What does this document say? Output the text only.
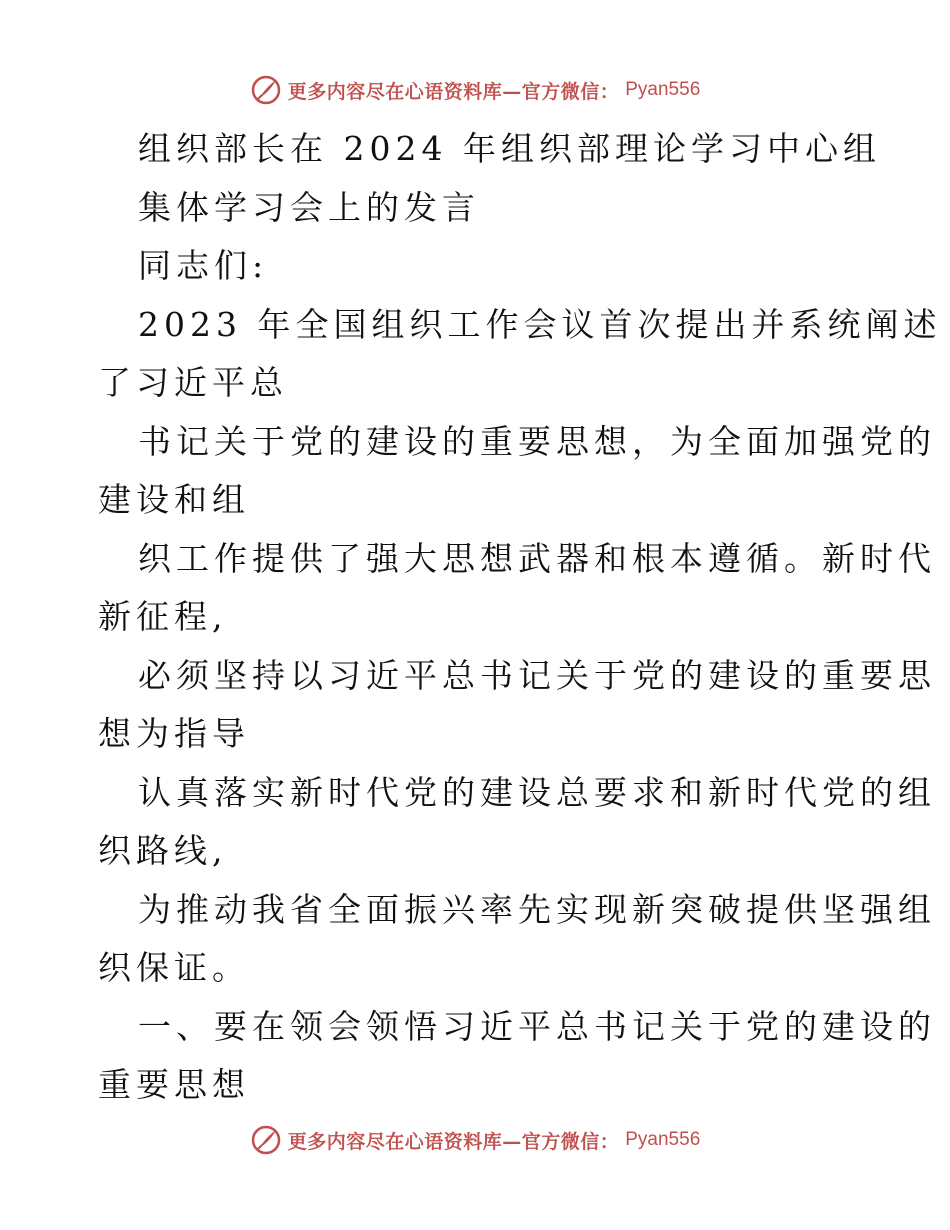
更多内容尽在心语资料库—官方微信： Pyan556
组织部长在 2024 年组织部理论学习中心组
集体学习会上的发言
同志们:
2023 年全国组织工作会议首次提出并系统阐述
了习近平总
书记关于党的建设的重要思想，为全面加强党的
建设和组
织工作提供了强大思想武器和根本遵循。新时代
新征程,
必须坚持以习近平总书记关于党的建设的重要思
想为指导
认真落实新时代党的建设总要求和新时代党的组
织路线,
为推动我省全面振兴率先实现新突破提供坚强组
织保证。
一、要在领会领悟习近平总书记关于党的建设的
重要思想
更多内容尽在心语资料库—官方微信： Pyan556
